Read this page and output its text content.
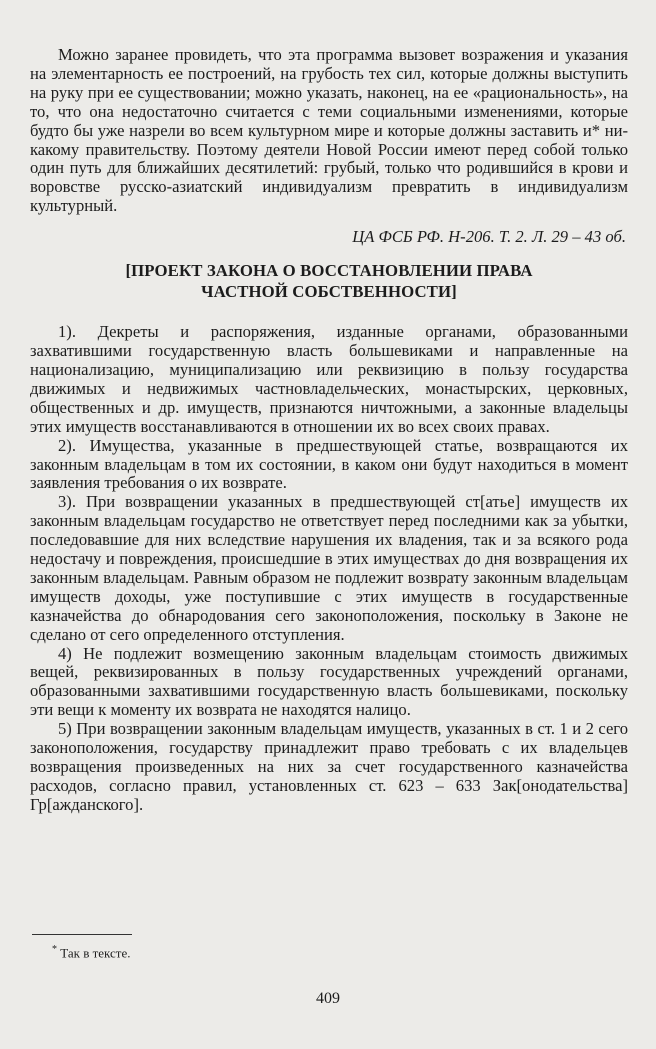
Можно заранее провидеть, что эта программа вызовет возражения и указания на элементарность ее построений, на грубость тех сил, которые должны выступить на руку при ее существовании; можно указать, наконец, на ее «рациональность», на то, что она недостаточно считается с теми социальными изменениями, которые будто бы уже назрели во всем культурном мире и которые должны заставить и* никакому правительству. Поэтому деятели Новой России имеют перед собой только один путь для ближайших десятилетий: грубый, только что родившийся в крови и воровстве русско-азиатский индивидуализм превратить в индивидуализм культурный.

ЦА ФСБ РФ. Н-206. Т. 2. Л. 29 – 43 об.

[ПРОЕКТ ЗАКОНА О ВОССТАНОВЛЕНИИ ПРАВА
ЧАСТНОЙ СОБСТВЕННОСТИ]

1). Декреты и распоряжения, изданные органами, образованными захватившими государственную власть большевиками и направленные на национализацию, муниципализацию или реквизицию в пользу государства движимых и недвижимых частновладельческих, монастырских, церковных, общественных и др. имуществ, признаются ничтожными, а законные владельцы этих имуществ восстанавливаются в отношении их во всех своих правах.

2). Имущества, указанные в предшествующей статье, возвращаются их законным владельцам в том их состоянии, в каком они будут находиться в момент заявления требования о их возврате.

3). При возвращении указанных в предшествующей ст[атье] имуществ их законным владельцам государство не ответствует перед последними как за убытки, последовавшие для них вследствие нарушения их владения, так и за всякого рода недостачу и повреждения, происшедшие в этих имуществах до дня возвращения их законным владельцам. Равным образом не подлежит возврату законным владельцам имуществ доходы, уже поступившие с этих имуществ в государственные казначейства до обнародования сего законоположения, поскольку в Законе не сделано от сего определенного отступления.

4) Не подлежит возмещению законным владельцам стоимость движимых вещей, реквизированных в пользу государственных учреждений органами, образованными захватившими государственную власть большевиками, поскольку эти вещи к моменту их возврата не находятся налицо.

5) При возвращении законным владельцам имуществ, указанных в ст. 1 и 2 сего законоположения, государству принадлежит право требовать с их владельцев возвращения произведенных на них за счет государственного казначейства расходов, согласно правил, установленных ст. 623 – 633 Зак[онодательства] Гр[ажданского].

* Так в тексте.
409
